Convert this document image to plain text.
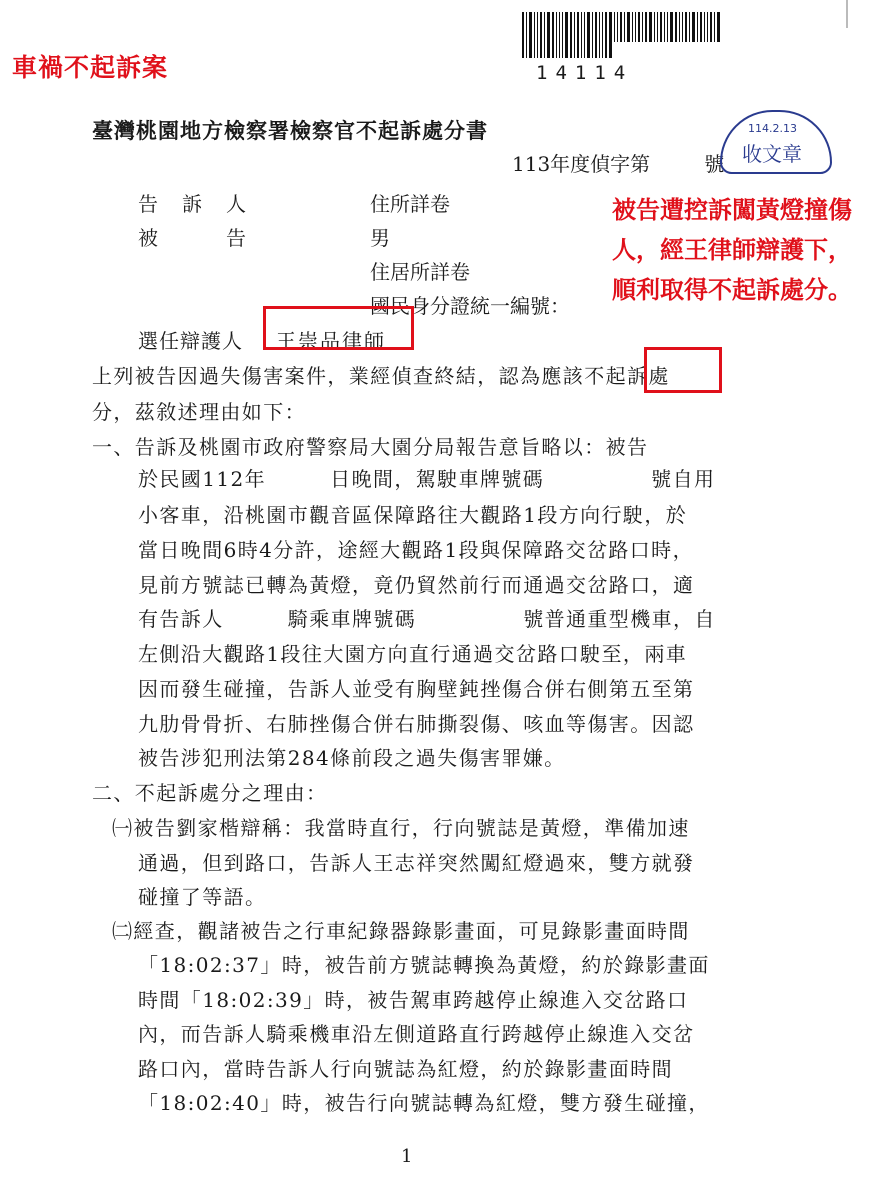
車禍不起訴案	14114
臺灣桃園地方檢察署檢察官不起訴處分書
113年度偵字第	號
114.2.13
收文章
告　訴　人	住所詳卷
被　　　告	男
住居所詳卷
國民身分證統一編號：
選任辯護人 王崇品律師
被告遭控訴闖黃燈撞傷人，經王律師辯護下，順利取得不起訴處分。
上列被告因過失傷害案件，業經偵查終結，認為應該不起訴處
分，茲敘述理由如下：
一、告訴及桃園市政府警察局大園分局報告意旨略以：被告
於民國112年　　　日晚間，駕駛車牌號碼　　　　　號自用
小客車，沿桃園市觀音區保障路往大觀路1段方向行駛，於
當日晚間6時4分許，途經大觀路1段與保障路交岔路口時，
見前方號誌已轉為黃燈，竟仍貿然前行而通過交岔路口，適
有告訴人　　　騎乘車牌號碼　　　　　號普通重型機車，自
左側沿大觀路1段往大園方向直行通過交岔路口駛至，兩車
因而發生碰撞，告訴人並受有胸壁鈍挫傷合併右側第五至第
九肋骨骨折、右肺挫傷合併右肺撕裂傷、咳血等傷害。因認
被告涉犯刑法第284條前段之過失傷害罪嫌。
二、不起訴處分之理由：
㈠被告劉家楷辯稱：我當時直行，行向號誌是黃燈，準備加速
通過，但到路口，告訴人王志祥突然闖紅燈過來，雙方就發
碰撞了等語。
㈡經查，觀諸被告之行車紀錄器錄影畫面，可見錄影畫面時間
「18:02:37」時，被告前方號誌轉換為黃燈，約於錄影畫面
時間「18:02:39」時，被告駕車跨越停止線進入交岔路口
內，而告訴人騎乘機車沿左側道路直行跨越停止線進入交岔
路口內，當時告訴人行向號誌為紅燈，約於錄影畫面時間
「18:02:40」時，被告行向號誌轉為紅燈，雙方發生碰撞，
1
